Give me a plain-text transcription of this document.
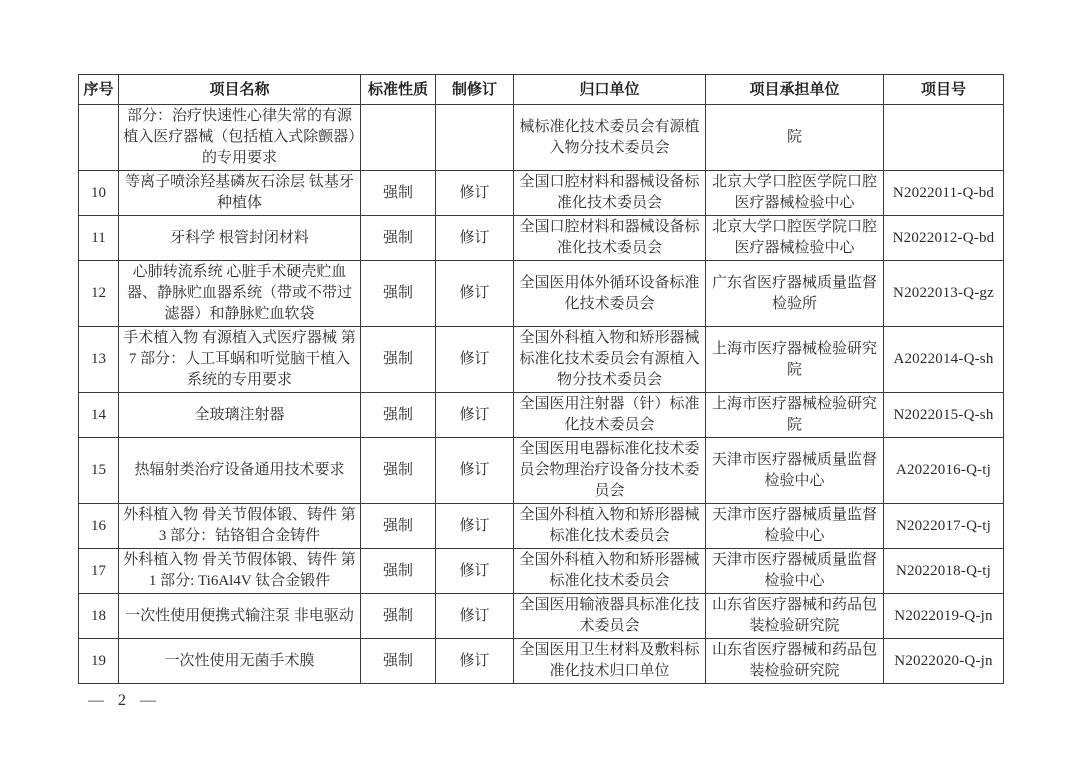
序号	项目名称	标准性质	制修订	归口单位	项目承担单位	项目号
	部分：治疗快速性心律失常的有源植入医疗器械（包括植入式除颤器）的专用要求			械标准化技术委员会有源植入物分技术委员会	院	
10	等离子喷涂羟基磷灰石涂层 钛基牙种植体	强制	修订	全国口腔材料和器械设备标准化技术委员会	北京大学口腔医学院口腔医疗器械检验中心	N2022011-Q-bd
11	牙科学 根管封闭材料	强制	修订	全国口腔材料和器械设备标准化技术委员会	北京大学口腔医学院口腔医疗器械检验中心	N2022012-Q-bd
12	心肺转流系统 心脏手术硬壳贮血器、静脉贮血器系统（带或不带过滤器）和静脉贮血软袋	强制	修订	全国医用体外循环设备标准化技术委员会	广东省医疗器械质量监督检验所	N2022013-Q-gz
13	手术植入物 有源植入式医疗器械 第 7 部分：人工耳蜗和听觉脑干植入系统的专用要求	强制	修订	全国外科植入物和矫形器械标准化技术委员会有源植入物分技术委员会	上海市医疗器械检验研究院	A2022014-Q-sh
14	全玻璃注射器	强制	修订	全国医用注射器（针）标准化技术委员会	上海市医疗器械检验研究院	N2022015-Q-sh
15	热辐射类治疗设备通用技术要求	强制	修订	全国医用电器标准化技术委员会物理治疗设备分技术委员会	天津市医疗器械质量监督检验中心	A2022016-Q-tj
16	外科植入物 骨关节假体锻、铸件 第 3 部分：钴铬钼合金铸件	强制	修订	全国外科植入物和矫形器械标准化技术委员会	天津市医疗器械质量监督检验中心	N2022017-Q-tj
17	外科植入物 骨关节假体锻、铸件 第 1 部分: Ti6Al4V 钛合金锻件	强制	修订	全国外科植入物和矫形器械标准化技术委员会	天津市医疗器械质量监督检验中心	N2022018-Q-tj
18	一次性使用便携式输注泵 非电驱动	强制	修订	全国医用输液器具标准化技术委员会	山东省医疗器械和药品包装检验研究院	N2022019-Q-jn
19	一次性使用无菌手术膜	强制	修订	全国医用卫生材料及敷料标准化技术归口单位	山东省医疗器械和药品包装检验研究院	N2022020-Q-jn
— 2 —
